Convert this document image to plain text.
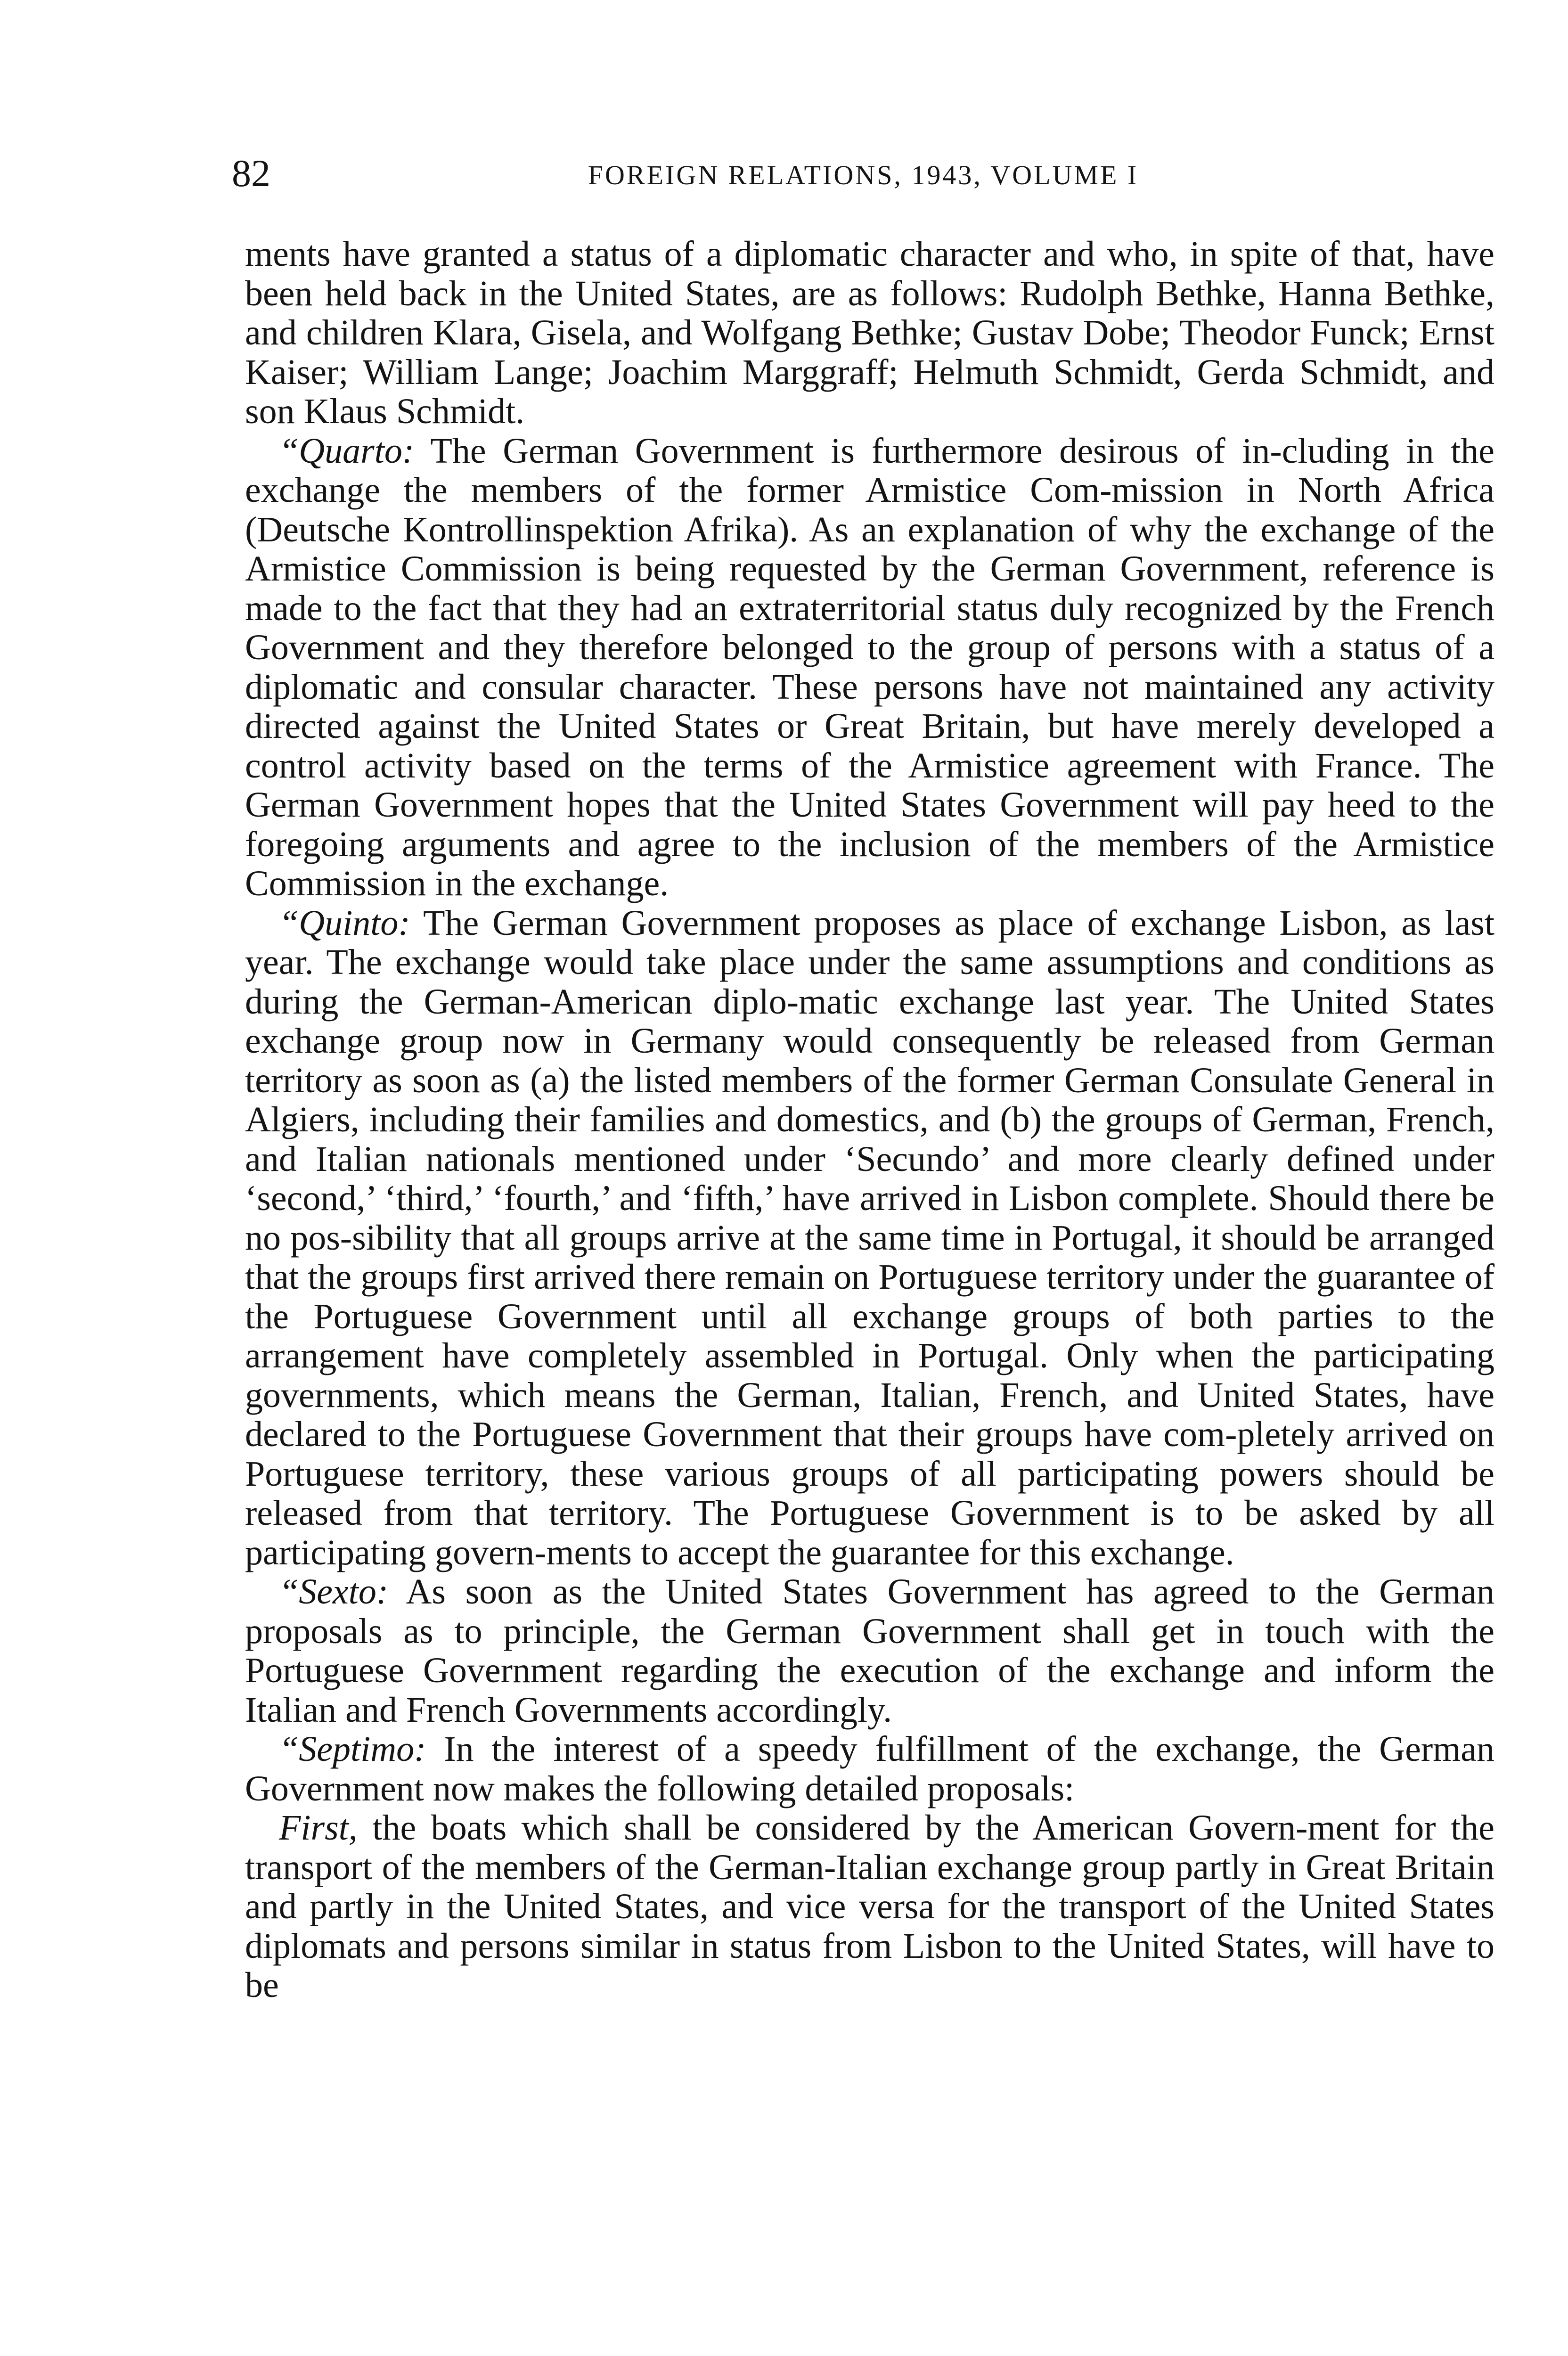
82	FOREIGN RELATIONS, 1943, VOLUME I

ments have granted a status of a diplomatic character and who, in spite of that, have been held back in the United States, are as follows: Rudolph Bethke, Hanna Bethke, and children Klara, Gisela, and Wolfgang Bethke; Gustav Dobe; Theodor Funck; Ernst Kaiser; William Lange; Joachim Marggraff; Helmuth Schmidt, Gerda Schmidt, and son Klaus Schmidt.

“Quarto: The German Government is furthermore desirous of in-cluding in the exchange the members of the former Armistice Com-mission in North Africa (Deutsche Kontrollinspektion Afrika). As an explanation of why the exchange of the Armistice Commission is being requested by the German Government, reference is made to the fact that they had an extraterritorial status duly recognized by the French Government and they therefore belonged to the group of persons with a status of a diplomatic and consular character. These persons have not maintained any activity directed against the United States or Great Britain, but have merely developed a control activity based on the terms of the Armistice agreement with France. The German Government hopes that the United States Government will pay heed to the foregoing arguments and agree to the inclusion of the members of the Armistice Commission in the exchange.

“Quinto: The German Government proposes as place of exchange Lisbon, as last year. The exchange would take place under the same assumptions and conditions as during the German-American diplo-matic exchange last year. The United States exchange group now in Germany would consequently be released from German territory as soon as (a) the listed members of the former German Consulate General in Algiers, including their families and domestics, and (b) the groups of German, French, and Italian nationals mentioned under ‘Secundo’ and more clearly defined under ‘second,’ ‘third,’ ‘fourth,’ and ‘fifth,’ have arrived in Lisbon complete. Should there be no pos-sibility that all groups arrive at the same time in Portugal, it should be arranged that the groups first arrived there remain on Portuguese territory under the guarantee of the Portuguese Government until all exchange groups of both parties to the arrangement have completely assembled in Portugal. Only when the participating governments, which means the German, Italian, French, and United States, have declared to the Portuguese Government that their groups have com-pletely arrived on Portuguese territory, these various groups of all participating powers should be released from that territory. The Portuguese Government is to be asked by all participating govern-ments to accept the guarantee for this exchange.

“Sexto: As soon as the United States Government has agreed to the German proposals as to principle, the German Government shall get in touch with the Portuguese Government regarding the execution of the exchange and inform the Italian and French Governments accordingly.

“Septimo: In the interest of a speedy fulfillment of the exchange, the German Government now makes the following detailed proposals:

First, the boats which shall be considered by the American Govern-ment for the transport of the members of the German-Italian exchange group partly in Great Britain and partly in the United States, and vice versa for the transport of the United States diplomats and persons similar in status from Lisbon to the United States, will have to be
